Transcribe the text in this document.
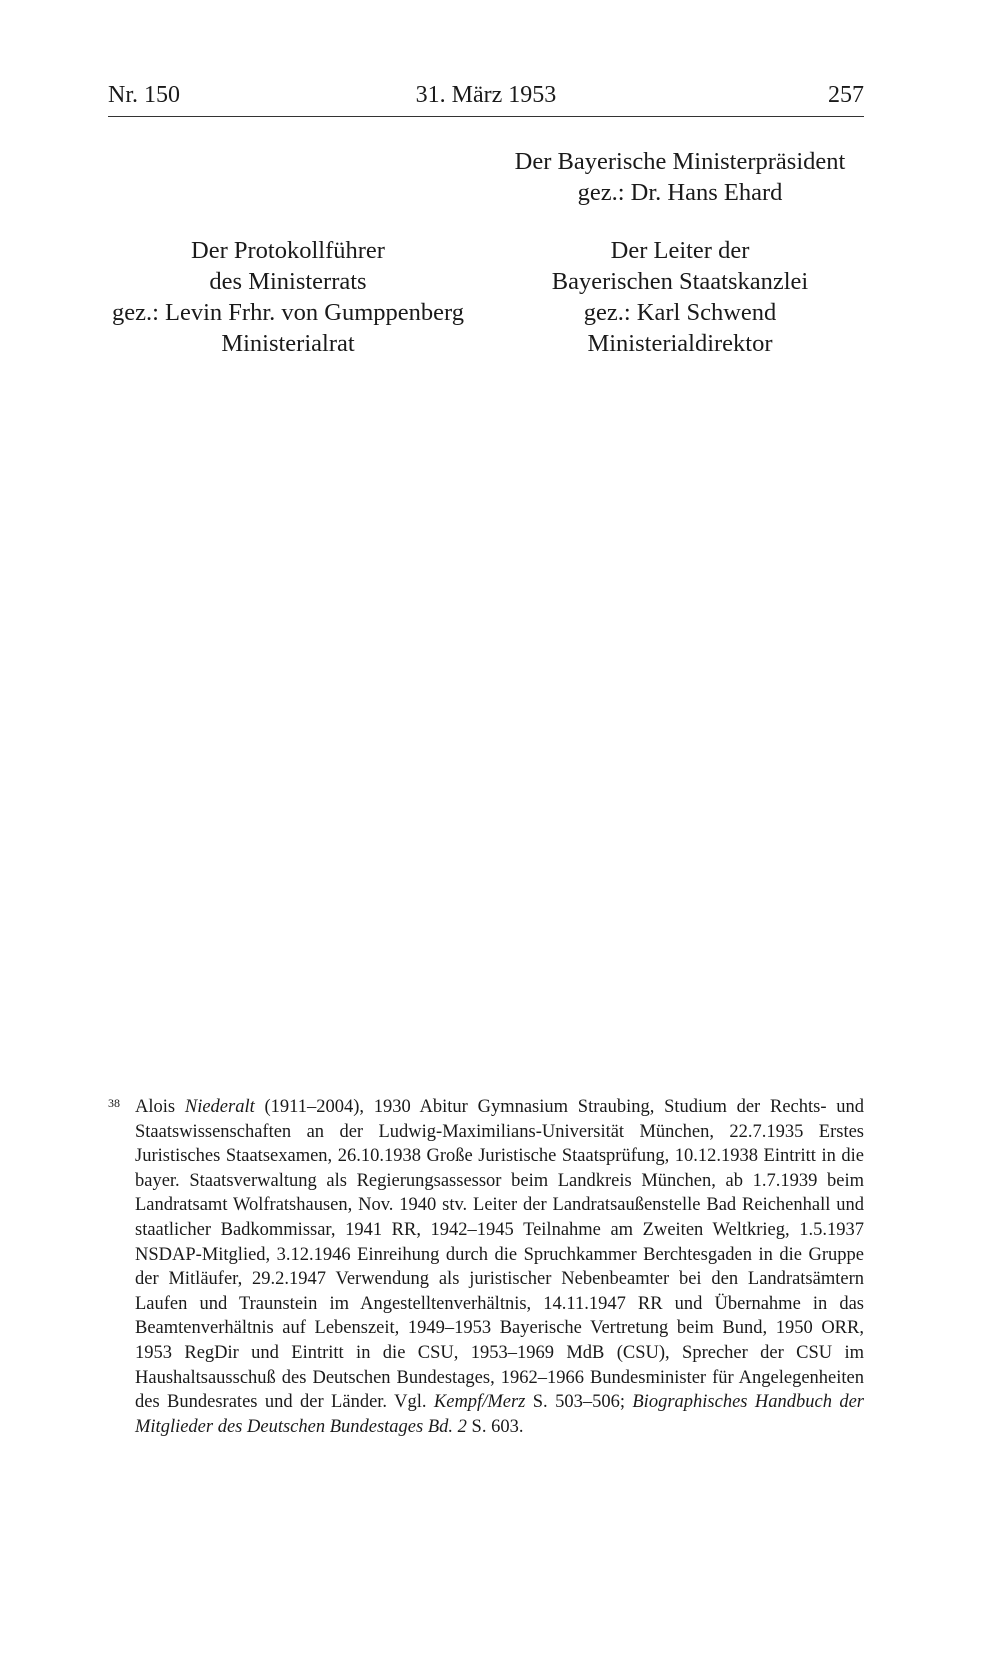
Nr. 150	31. März 1953	257
Der Bayerische Ministerpräsident
gez.: Dr. Hans Ehard
Der Protokollführer
des Ministerrats
gez.: Levin Frhr. von Gumppenberg
Ministerialrat
Der Leiter der
Bayerischen Staatskanzlei
gez.: Karl Schwend
Ministerialdirektor
38 Alois Niederalt (1911–2004), 1930 Abitur Gymnasium Straubing, Studium der Rechts- und Staatswissenschaften an der Ludwig-Maximilians-Universität München, 22.7.1935 Erstes Juristisches Staatsexamen, 26.10.1938 Große Juristische Staatsprüfung, 10.12.1938 Eintritt in die bayer. Staatsverwaltung als Regierungsassessor beim Landkreis München, ab 1.7.1939 beim Landratsamt Wolfratshausen, Nov. 1940 stv. Leiter der Landratsaußenstelle Bad Reichenhall und staatlicher Badkommissar, 1941 RR, 1942–1945 Teilnahme am Zweiten Weltkrieg, 1.5.1937 NSDAP-Mitglied, 3.12.1946 Einreihung durch die Spruchkammer Berchtesgaden in die Gruppe der Mitläufer, 29.2.1947 Verwendung als juristischer Nebenbeamter bei den Landratsämtern Laufen und Traunstein im Angestelltenverhältnis, 14.11.1947 RR und Übernahme in das Beamtenverhältnis auf Lebenszeit, 1949–1953 Bayerische Vertretung beim Bund, 1950 ORR, 1953 RegDir und Eintritt in die CSU, 1953–1969 MdB (CSU), Sprecher der CSU im Haushaltsausschuß des Deutschen Bundestages, 1962–1966 Bundesminister für Angelegenheiten des Bundesrates und der Länder. Vgl. Kempf/Merz S. 503–506; Biographisches Handbuch der Mitglieder des Deutschen Bundestages Bd. 2 S. 603.
